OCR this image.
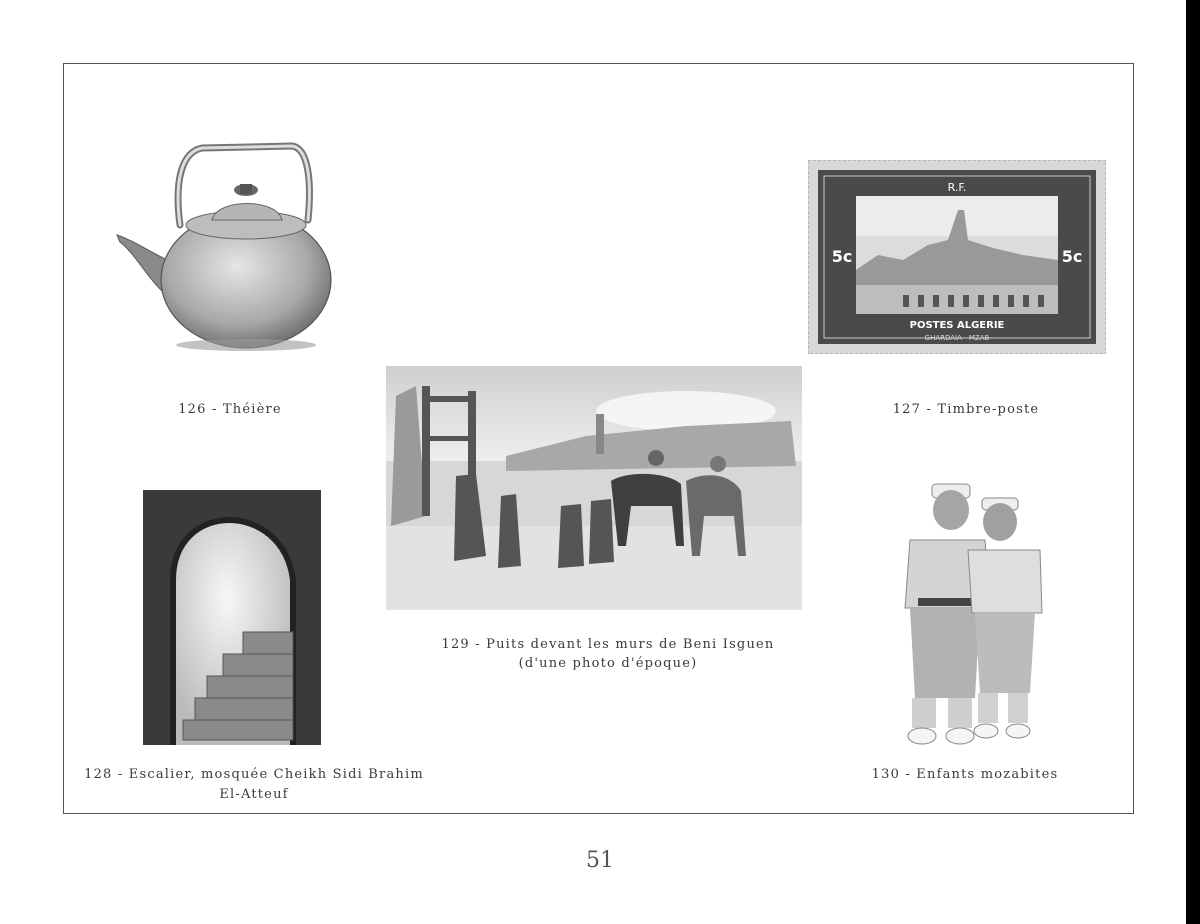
126 - Théière
R.F.
5c	5c
POSTES ALGERIE
GHARDAIA - MZAB
127 - Timbre-poste
129 - Puits devant les murs de Beni Isguen
(d'une photo d'époque)
128 - Escalier, mosquée Cheikh Sidi Brahim
El-Atteuf
130 - Enfants mozabites
51
